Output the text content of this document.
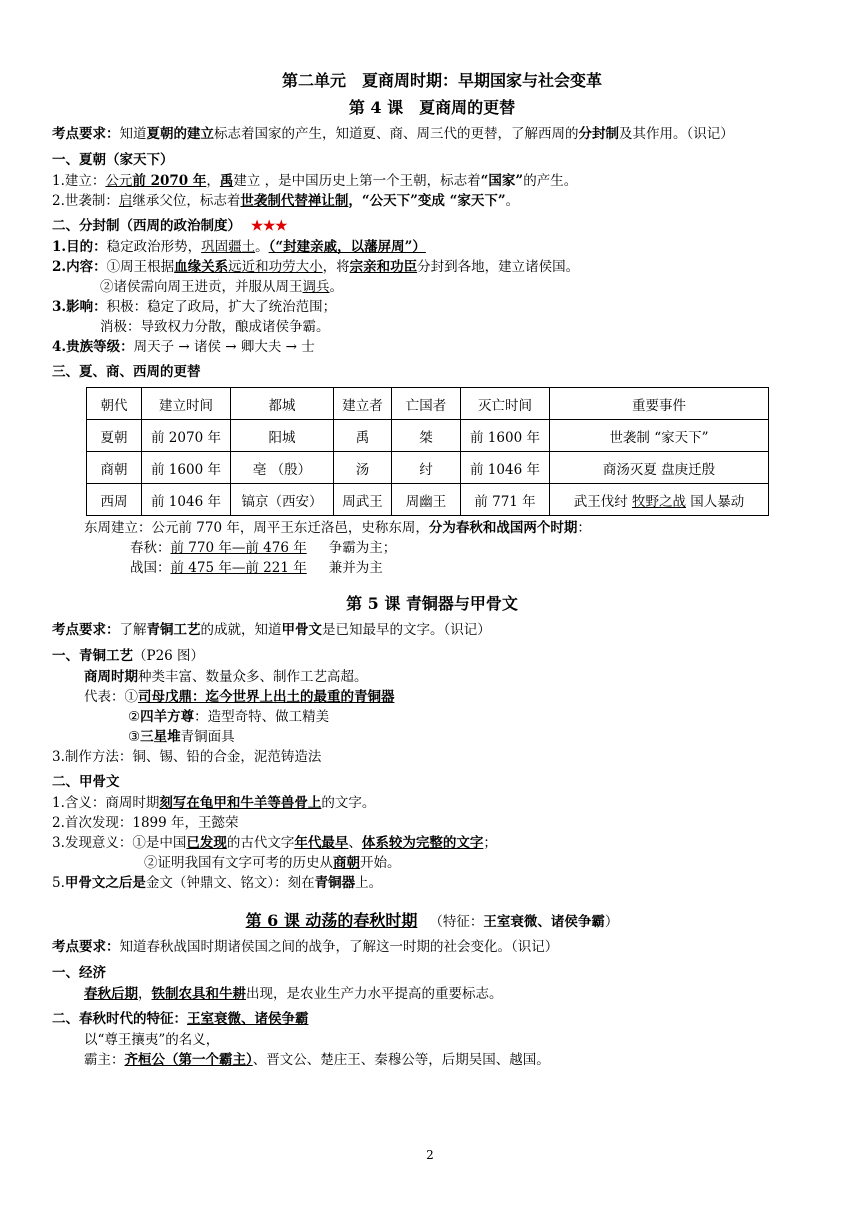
第二单元　夏商周时期：早期国家与社会变革
第 4 课　夏商周的更替
考点要求：知道夏朝的建立标志着国家的产生，知道夏、商、周三代的更替，了解西周的分封制及其作用。（识记）
一、夏朝（家天下）
1.建立：公元前 2070 年，禹建立 ，是中国历史上第一个王朝，标志着“国家”的产生。
2.世袭制：启继承父位，标志着世袭制代替禅让制，“公天下”变成 “家天下”。
二、分封制（西周的政治制度） ★★★
1.目的：稳定政治形势，巩固疆土。（“封建亲戚，以藩屏周”）
2.内容：①周王根据血缘关系远近和功劳大小，将宗亲和功臣分封到各地，建立诸侯国。
②诸侯需向周王进贡，并服从周王调兵。
3.影响：积极：稳定了政局，扩大了统治范围；
消极：导致权力分散，酿成诸侯争霸。
4.贵族等级：周天子 → 诸侯 → 卿大夫 → 士
三、夏、商、西周的更替
朝代	建立时间	都城	建立者	亡国者	灭亡时间	重要事件
夏朝	前 2070 年	阳城	禹	桀	前 1600 年	世袭制 “家天下”
商朝	前 1600 年	亳 （殷）	汤	纣	前 1046 年	商汤灭夏 盘庚迁殷
西周	前 1046 年	镐京（西安）	周武王	周幽王	前 771 年	武王伐纣 牧野之战 国人暴动
东周建立：公元前 770 年，周平王东迁洛邑，史称东周，分为春秋和战国两个时期：
春秋：前 770 年—前 476 年 争霸为主；
战国：前 475 年—前 221 年 兼并为主
第 5 课 青铜器与甲骨文
考点要求：了解青铜工艺的成就，知道甲骨文是已知最早的文字。（识记）
一、青铜工艺（P26 图）
商周时期种类丰富、数量众多、制作工艺高超。
代表：①司母戊鼎：迄今世界上出土的最重的青铜器
②四羊方尊：造型奇特、做工精美
③三星堆青铜面具
3.制作方法：铜、锡、铅的合金，泥范铸造法
二、甲骨文
1.含义：商周时期刻写在龟甲和牛羊等兽骨上的文字。
2.首次发现：1899 年，王懿荣
3.发现意义：①是中国已发现的古代文字年代最早、体系较为完整的文字；
②证明我国有文字可考的历史从商朝开始。
5.甲骨文之后是金文（钟鼎文、铭文）：刻在青铜器上。
第 6 课 动荡的春秋时期 （特征：王室衰微、诸侯争霸）
考点要求：知道春秋战国时期诸侯国之间的战争，了解这一时期的社会变化。（识记）
一、经济
春秋后期，铁制农具和牛耕出现，是农业生产力水平提高的重要标志。
二、春秋时代的特征：王室衰微、诸侯争霸
以“尊王攘夷”的名义，
霸主：齐桓公（第一个霸主）、晋文公、楚庄王、秦穆公等，后期吴国、越国。
2
